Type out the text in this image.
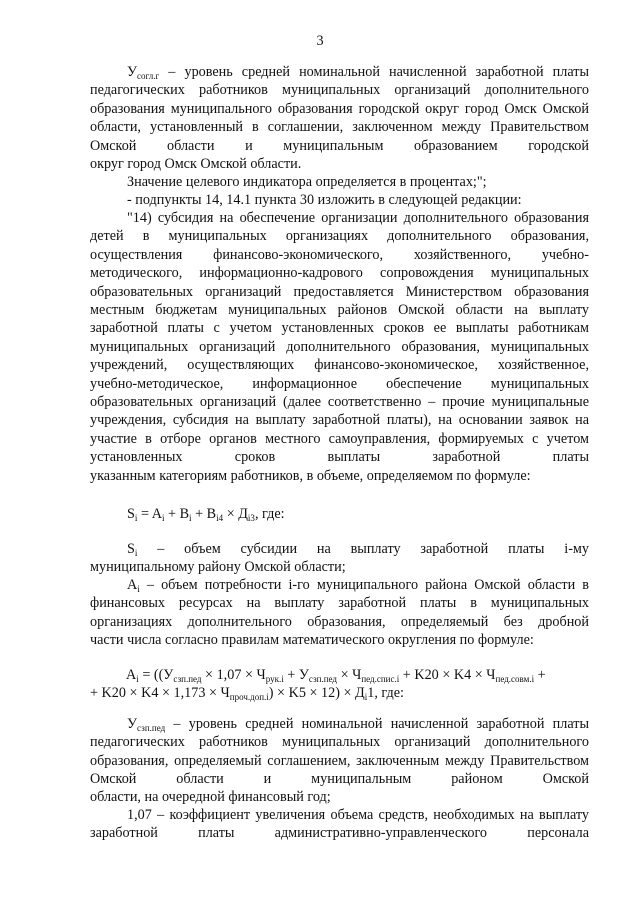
3

$У_{согл.г}$ – уровень средней номинальной начисленной заработной платы педагогических работников муниципальных организаций дополнительного образования муниципального образования городской округ город Омск Омской области, установленный в соглашении, заключенном между Правительством Омской области и муниципальным образованием городской

округ город Омск Омской области.

Значение целевого индикатора определяется в процентах;";

- подпункты 14, 14.1 пункта 30 изложить в следующей редакции:

"14) субсидия на обеспечение организации дополнительного образования детей в муниципальных организациях дополнительного образования, осуществления финансово-экономического, хозяйственного, учебно-методического, информационно-кадрового сопровождения муниципальных образовательных организаций предоставляется Министерством образования местным бюджетам муниципальных районов Омской области на выплату заработной платы с учетом установленных сроков ее выплаты работникам муниципальных организаций дополнительного образования, муниципальных учреждений, осуществляющих финансово-экономическое, хозяйственное, учебно-методическое, информационное обеспечение муниципальных образовательных организаций (далее соответственно – прочие муниципальные учреждения, субсидия на выплату заработной платы), на основании заявок на участие в отборе органов местного самоуправления, формируемых с учетом установленных сроков выплаты заработной платы

указанным категориям работников, в объеме, определяемом по формуле:

$S_i = A_i + B_i + B_{i4} \times Д_{i3}$, где:

$S_i$ – объем субсидии на выплату заработной платы i-му

муниципальному району Омской области;

$A_i$ – объем потребности i-го муниципального района Омской области в финансовых ресурсах на выплату заработной платы в муниципальных организациях дополнительного образования, определяемый без дробной

части числа согласно правилам математического округления по формуле:

$A_i = ((У_{сзп.пед} \times 1,07 \times Ч_{рук.i} + У_{сзп.пед} \times Ч_{пед.спис.i} + K20 \times K4 \times Ч_{пед.совм.i}$ +
+ $K20 \times K4 \times 1,173 \times Ч_{проч.доп.i}) \times K5 \times 12) \times Д_i1$, где:

$У_{сзп.пед}$ – уровень средней номинальной начисленной заработной платы педагогических работников муниципальных организаций дополнительного образования, определяемый соглашением, заключенным между Правительством Омской области и муниципальным районом Омской

области, на очередной финансовый год;

1,07 – коэффициент увеличения объема средств, необходимых на выплату заработной платы административно-управленческого персонала
